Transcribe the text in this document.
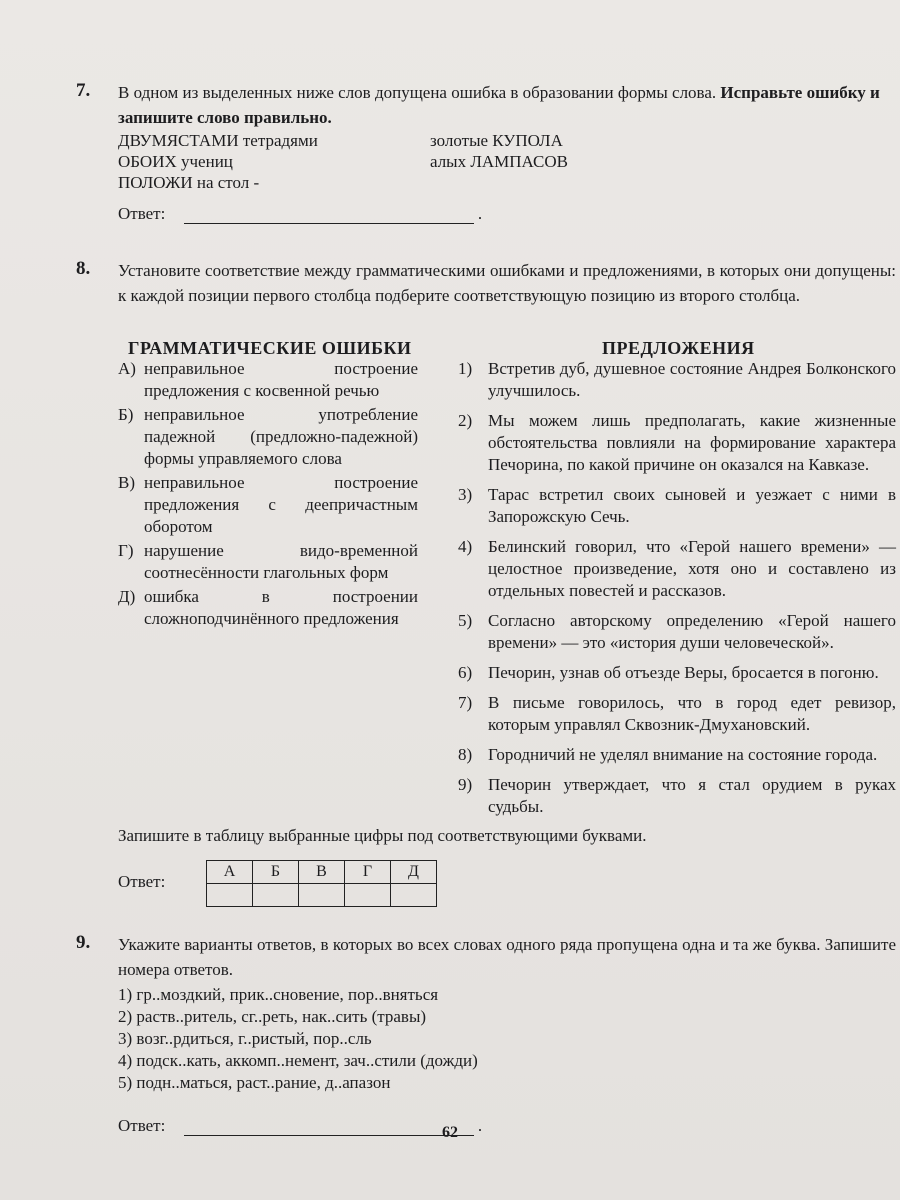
7. В одном из выделенных ниже слов допущена ошибка в образовании формы слова. Исправьте ошибку и запишите слово правильно.
ДВУМЯСТАМИ тетрадями
ОБОИХ учениц
ПОЛОЖИ на стол -
золотые КУПОЛА
алых ЛАМПАСОВ
Ответ:	.
8. Установите соответствие между грамматическими ошибками и предложениями, в которых они допущены: к каждой позиции первого столбца подберите соответствующую позицию из второго столбца.
ГРАММАТИЧЕСКИЕ ОШИБКИ	ПРЕДЛОЖЕНИЯ
А) неправильное построение предложения с косвенной речью
Б) неправильное употребление падежной (предложно-падежной) формы управляемого слова
В) неправильное построение предложения с деепричастным оборотом
Г) нарушение видо-временной соотнесённости глагольных форм
Д) ошибка в построении сложноподчинённого предложения
1) Встретив дуб, душевное состояние Андрея Болконского улучшилось.
2) Мы можем лишь предполагать, какие жизненные обстоятельства повлияли на формирование характера Печорина, по какой причине он оказался на Кавказе.
3) Тарас встретил своих сыновей и уезжает с ними в Запорожскую Сечь.
4) Белинский говорил, что «Герой нашего времени» — целостное произведение, хотя оно и составлено из отдельных повестей и рассказов.
5) Согласно авторскому определению «Герой нашего времени» — это «история души человеческой».
6) Печорин, узнав об отъезде Веры, бросается в погоню.
7) В письме говорилось, что в город едет ревизор, которым управлял Сквозник-Дмухановский.
8) Городничий не уделял внимание на состояние города.
9) Печорин утверждает, что я стал орудием в руках судьбы.
Запишите в таблицу выбранные цифры под соответствующими буквами.
Ответ:
А	Б	В	Г	Д

9. Укажите варианты ответов, в которых во всех словах одного ряда пропущена одна и та же буква. Запишите номера ответов.
1) гр..моздкий, прик..сновение, пор..вняться
2) раств..ритель, сг..реть, нак..сить (травы)
3) возг..рдиться, г..ристый, пор..сль
4) подск..кать, аккомп..немент, зач..стили (дожди)
5) подн..маться, раст..рание, д..апазон
Ответ:	.
62
